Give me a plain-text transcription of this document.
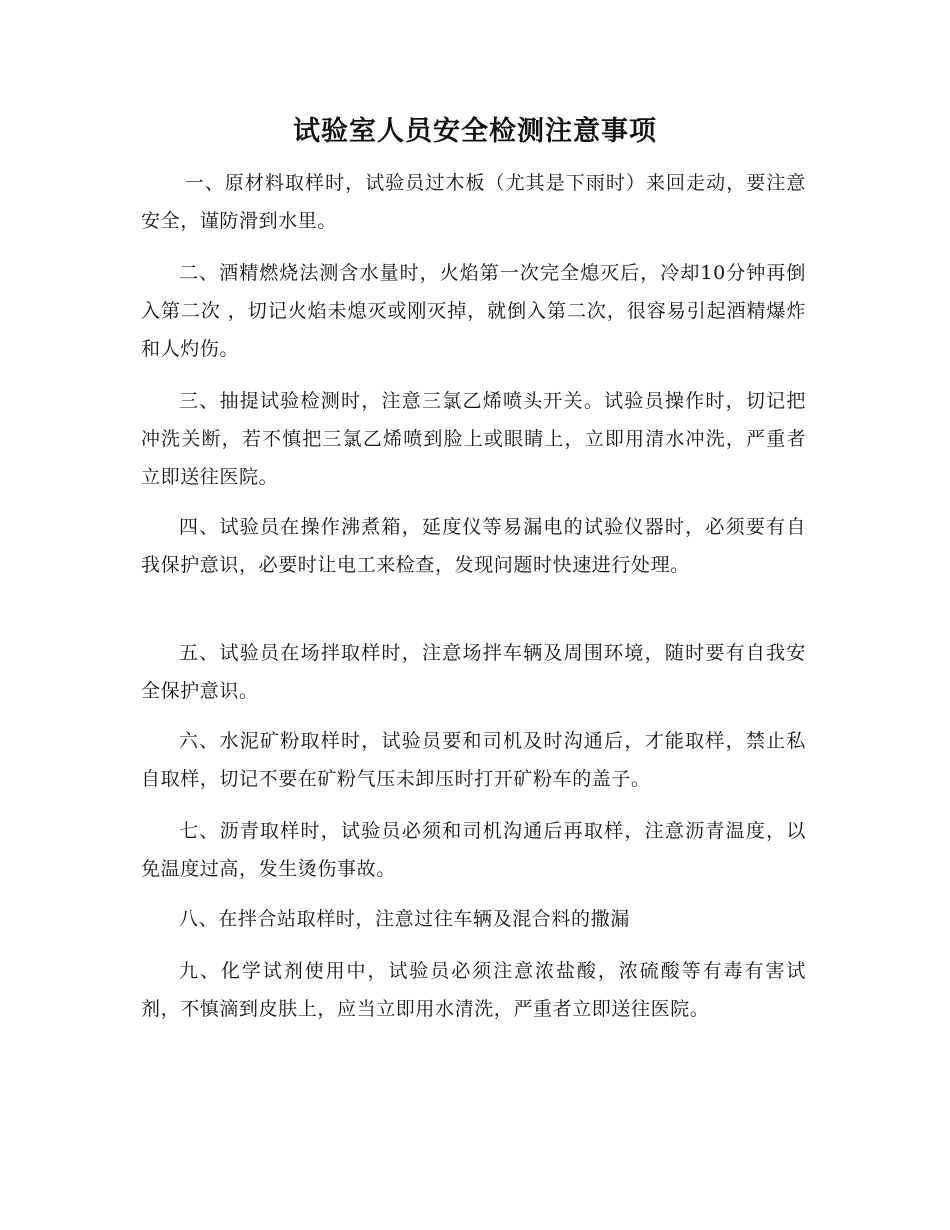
试验室人员安全检测注意事项

一、原材料取样时，试验员过木板（尤其是下雨时）来回走动，要注意安全，谨防滑到水里。

二、酒精燃烧法测含水量时，火焰第一次完全熄灭后，冷却10分钟再倒入第二次 ，切记火焰未熄灭或刚灭掉，就倒入第二次，很容易引起酒精爆炸和人灼伤。

三、抽提试验检测时，注意三氯乙烯喷头开关。试验员操作时，切记把冲洗关断，若不慎把三氯乙烯喷到脸上或眼睛上，立即用清水冲洗，严重者立即送往医院。

四、试验员在操作沸煮箱，延度仪等易漏电的试验仪器时，必须要有自我保护意识，必要时让电工来检查，发现问题时快速进行处理。

五、试验员在场拌取样时，注意场拌车辆及周围环境，随时要有自我安全保护意识。

六、水泥矿粉取样时，试验员要和司机及时沟通后，才能取样，禁止私自取样，切记不要在矿粉气压未卸压时打开矿粉车的盖子。

七、沥青取样时，试验员必须和司机沟通后再取样，注意沥青温度，以免温度过高，发生烫伤事故。

八、在拌合站取样时，注意过往车辆及混合料的撒漏

九、化学试剂使用中，试验员必须注意浓盐酸，浓硫酸等有毒有害试剂，不慎滴到皮肤上，应当立即用水清洗，严重者立即送往医院。
